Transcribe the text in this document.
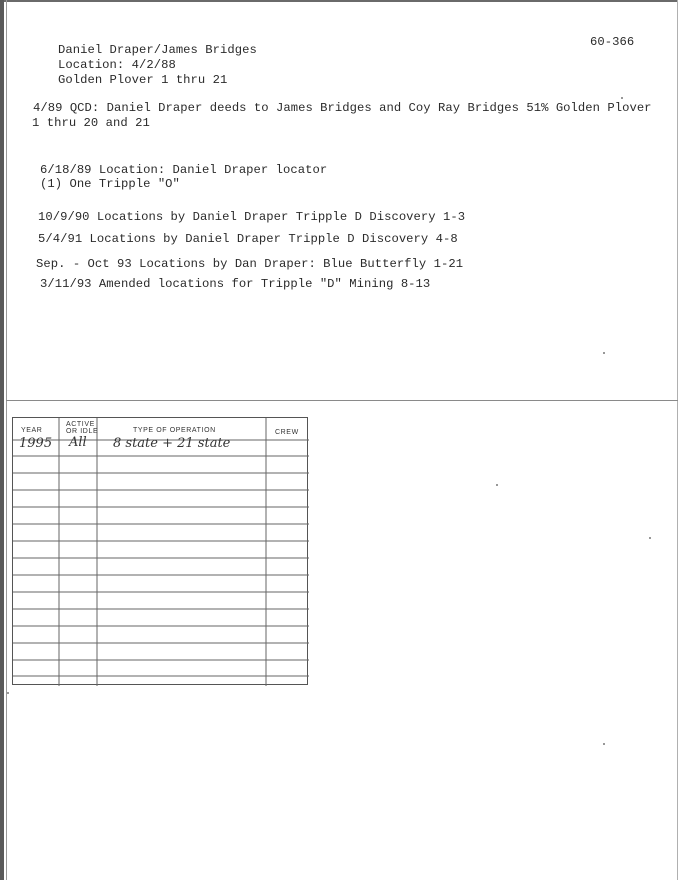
60-366
Daniel Draper/James Bridges
Location: 4/2/88
Golden Plover 1 thru 21
4/89 QCD: Daniel Draper deeds to James Bridges and Coy Ray Bridges 51% Golden Plover
1 thru 20 and 21
6/18/89 Location: Daniel Draper locator
(1) One Tripple "O"
10/9/90 Locations by Daniel Draper Tripple D Discovery 1-3
5/4/91 Locations by Daniel Draper Tripple D Discovery 4-8
Sep. - Oct 93 Locations by Dan Draper: Blue Butterfly 1-21
3/11/93 Amended locations for Tripple "D" Mining 8-13
YEAR
ACTIVE
OR IDLE	TYPE OF OPERATION	CREW
1995 All 8 state + 21 state
